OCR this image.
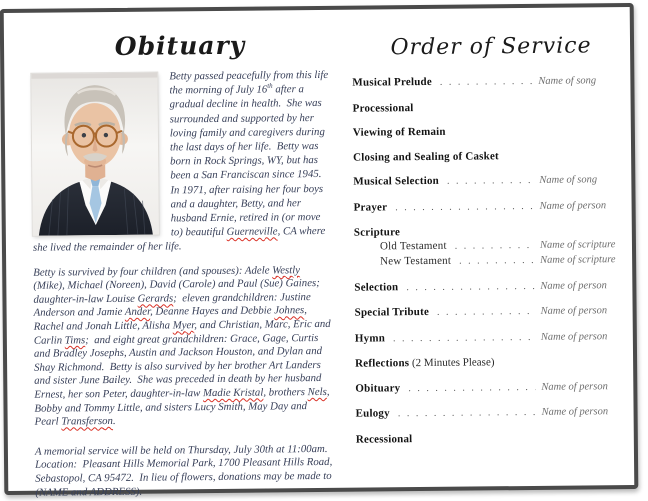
Obituary

Betty passed peacefully from this life the morning of July 16th after a gradual decline in health.  She was surrounded and supported by her loving family and caregivers during the last days of her life.  Betty was born in Rock Springs, WY, but has been a San Franciscan since 1945.  In 1971, after raising her four boys and a daughter, Betty, and her husband Ernie, retired in (or move to) beautiful Guerneville, CA where she lived the remainder of her life.

Betty is survived by four children (and spouses): Adele Westly (Mike), Michael (Noreen), David (Carole) and Paul (Sue) Gaines;  daughter-in-law Louise Gerards;  eleven grandchildren: Justine Anderson and Jamie Ander, Deanne Hayes and Debbie Johnes, Rachel and Jonah Little, Alisha Myer, and Christian, Marc, Eric and Carlin Tims;  and eight great grandchildren: Grace, Gage, Curtis and Bradley Josephs, Austin and Jackson Houston, and Dylan and Shay Richmond.  Betty is also survived by her brother Art Landers and sister June Bailey.  She was preceded in death by her husband Ernest, her son Peter, daughter-in-law Madie Kristal, brothers Nels, Bobby and Tommy Little, and sisters Lucy Smith, May Day and Pearl Transferson.

A memorial service will be held on Thursday, July 30th at 11:00am.  Location:  Pleasant Hills Memorial Park, 1700 Pleasant Hills Road, Sebastopol, CA 95472.  In lieu of flowers, donations may be made to (NAME and ADDRESS).

Order of Service
Musical Prelude . . .	Name of song
Processional
Viewing of Remain
Closing and Sealing of Casket
Musical Selection . . .	Name of song
Prayer . . .	Name of person
Scripture
Old Testament . . .	Name of scripture
New Testament . . .	Name of scripture
Selection . . .	Name of person
Special Tribute . . .	Name of person
Hymn . . .	Name of person
Reflections (2 Minutes Please)
Obituary . . .	Name of person
Eulogy . . .	Name of person
Recessional
